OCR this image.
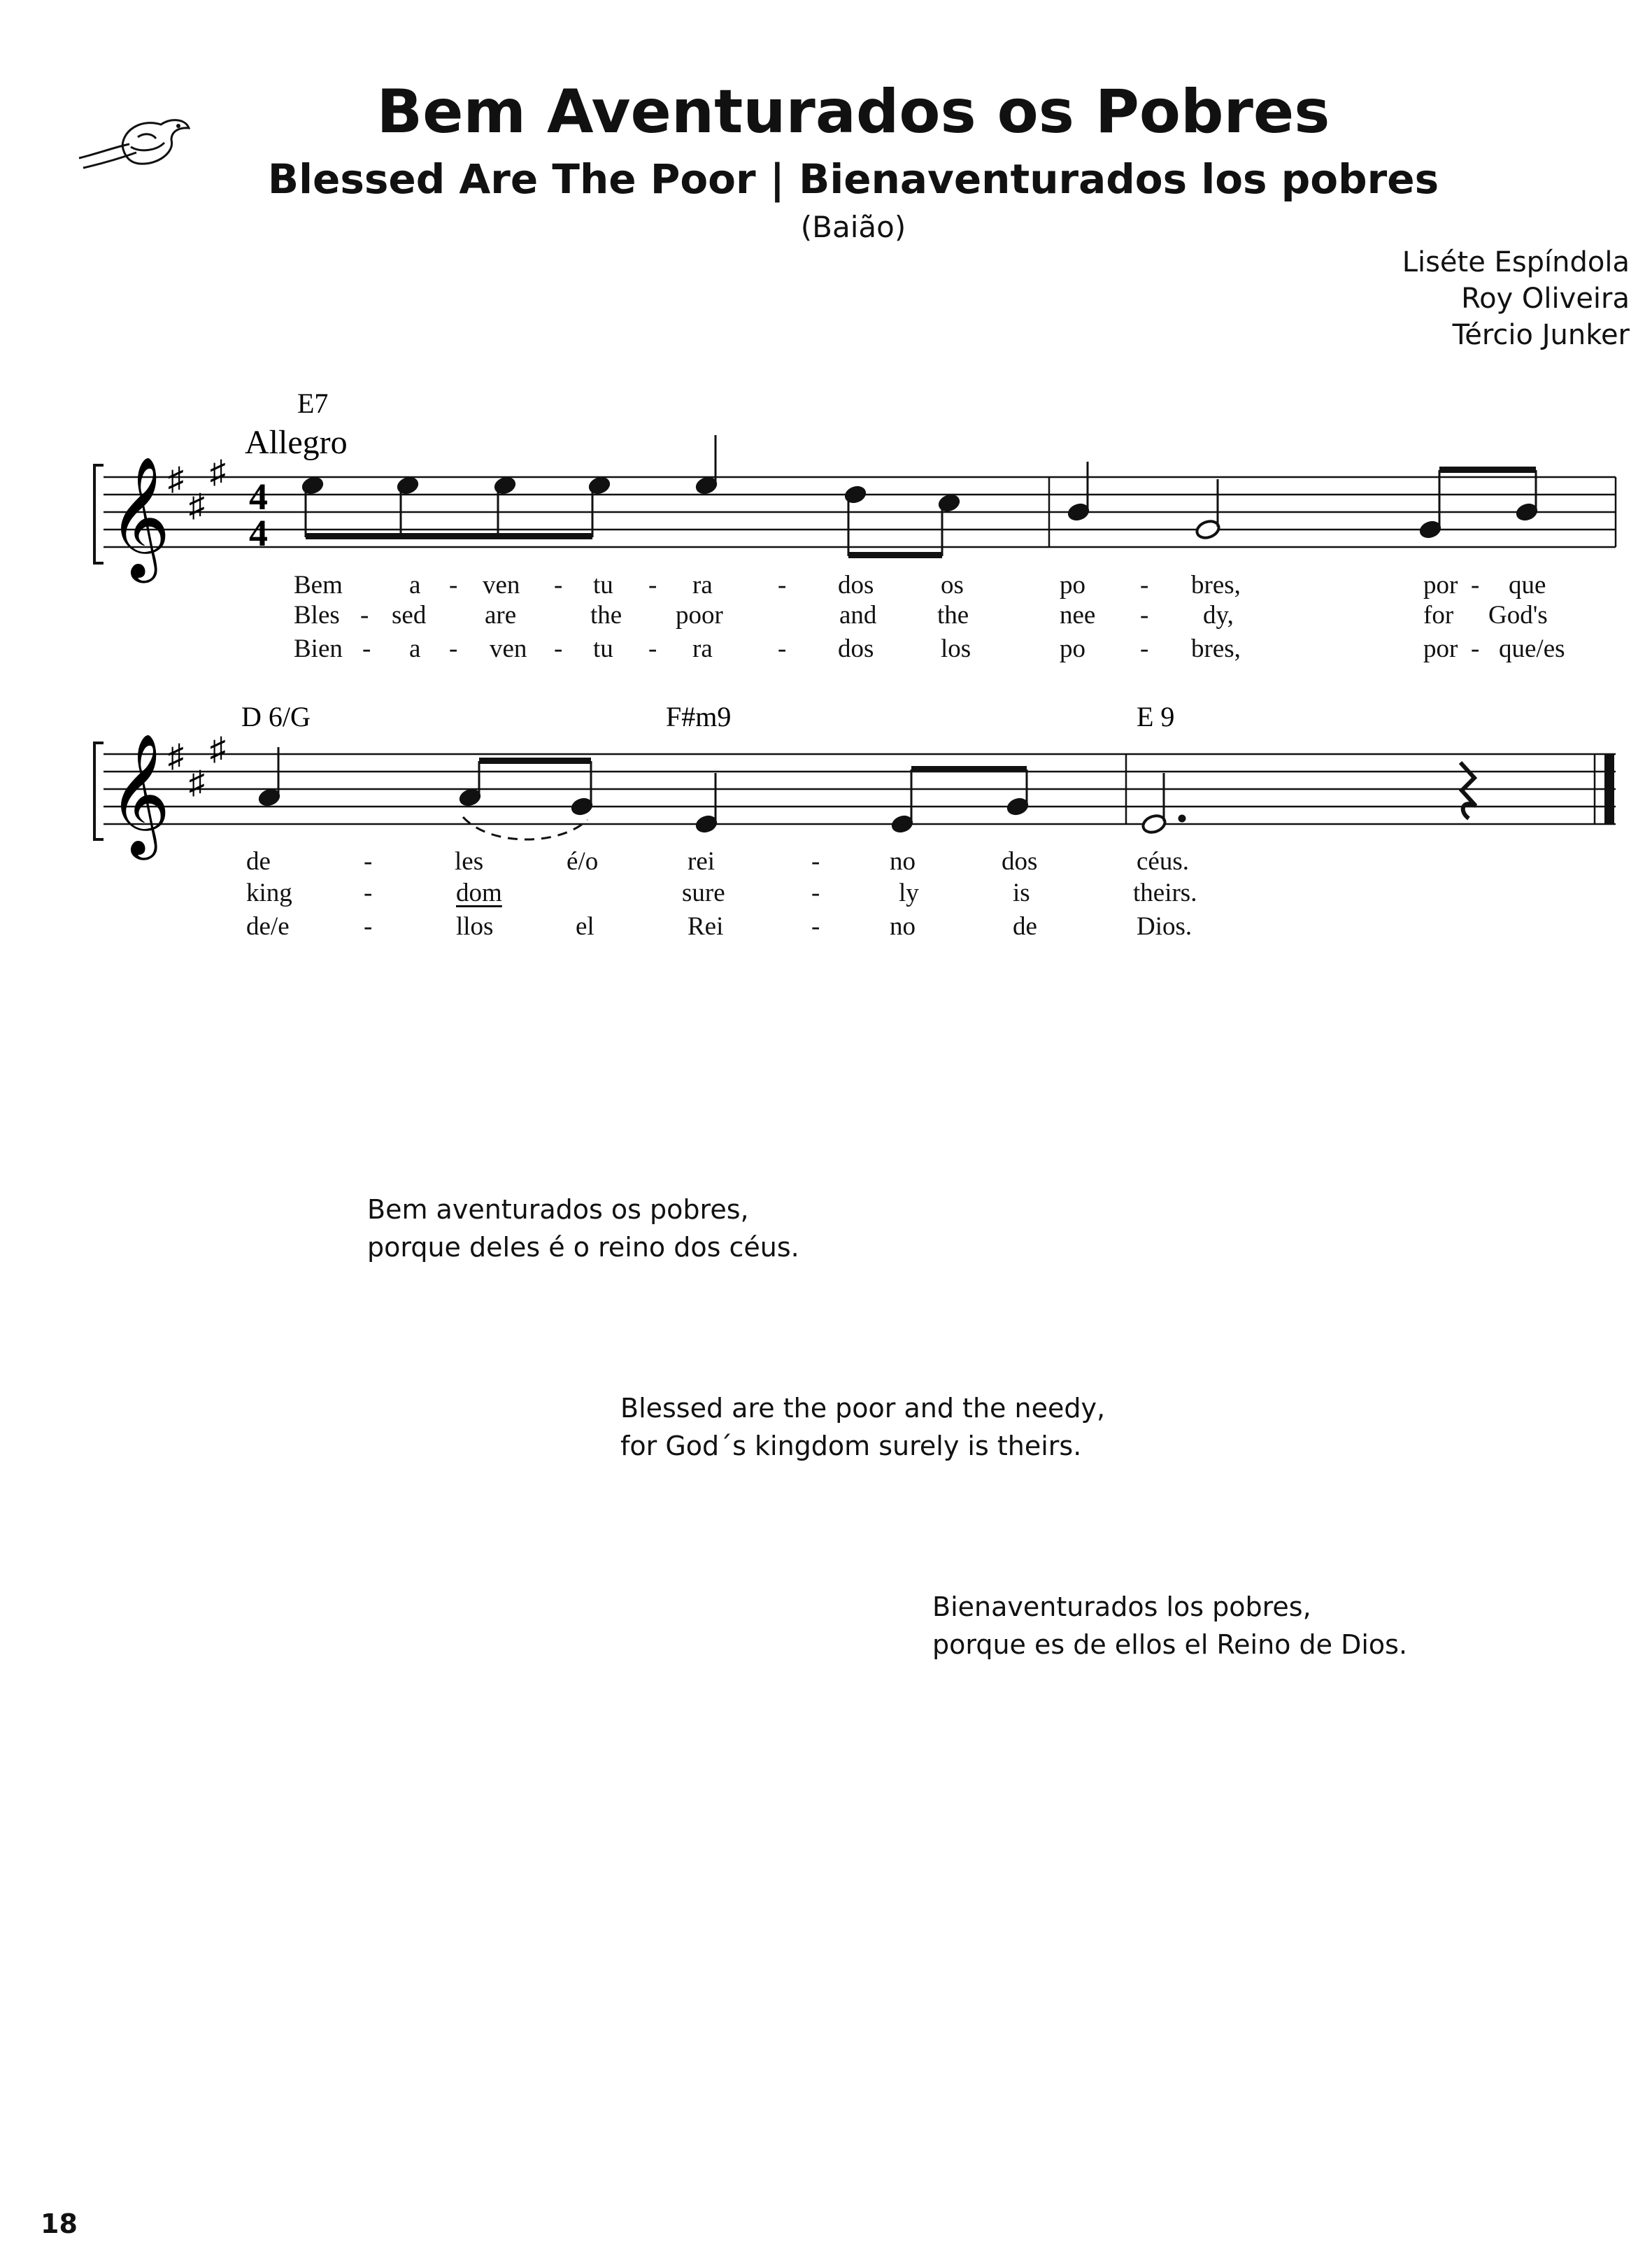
Bem Aventurados os Pobres
Blessed Are The Poor | Bienaventurados los pobres
(Baião)
Liséte Espíndola
Roy Oliveira
Tércio Junker
E7
Allegro
𝄞
♯
♯
♯
4
4
Bem	a - ven - tu - ra	- dos	os	po - bres,	por - que
Bles - sed are	the poor	and the	nee - dy,	for God's
Bien - a - ven - tu - ra	- dos	los	po - bres,	por - que/es
D 6/G	F#m9	E 9
𝄞
♯
♯
♯
de	-	les	é/o	rei	-	no	dos	céus.
king	-	dom	sure	-	ly	is	theirs.
de/e	-	llos	el	Rei	-	no	de	Dios.
Bem aventurados os pobres,
porque deles é o reino dos céus.
Blessed are the poor and the needy,
for God´s kingdom surely is theirs.
Bienaventurados los pobres,
porque es de ellos el Reino de Dios.
18
